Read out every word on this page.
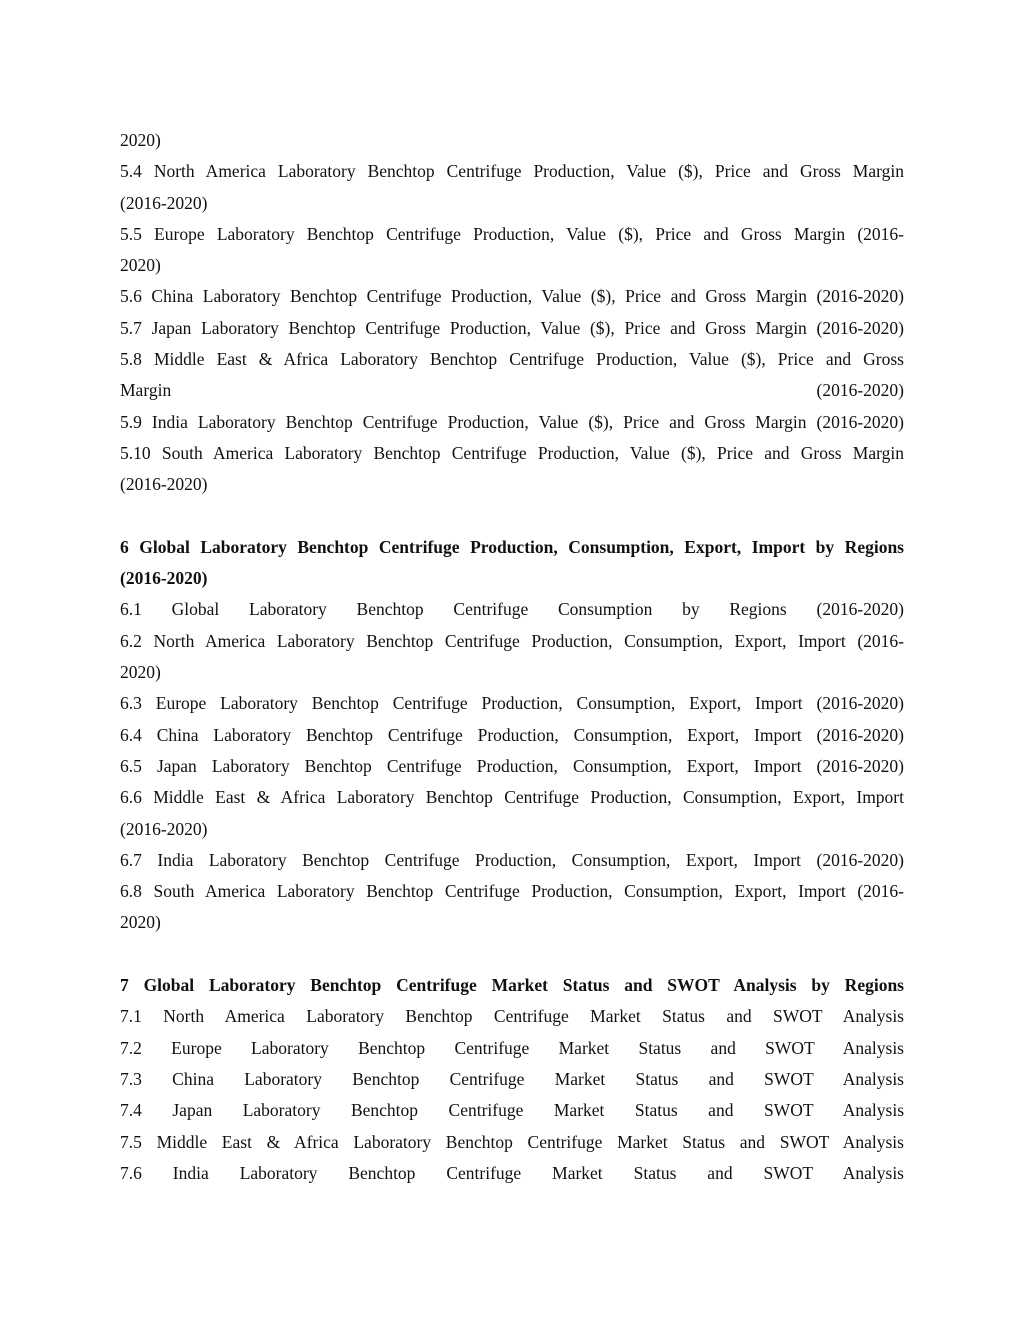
2020)

5.4 North America Laboratory Benchtop Centrifuge Production, Value ($), Price and Gross Margin

(2016-2020)

5.5 Europe Laboratory Benchtop Centrifuge Production, Value ($), Price and Gross Margin (2016-

2020)

5.6 China Laboratory Benchtop Centrifuge Production, Value ($), Price and Gross Margin (2016-2020)

5.7 Japan Laboratory Benchtop Centrifuge Production, Value ($), Price and Gross Margin (2016-2020)

5.8 Middle East & Africa Laboratory Benchtop Centrifuge Production, Value ($), Price and Gross

Margin (2016-2020)

5.9 India Laboratory Benchtop Centrifuge Production, Value ($), Price and Gross Margin (2016-2020)

5.10 South America Laboratory Benchtop Centrifuge Production, Value ($), Price and Gross Margin

(2016-2020)

6 Global Laboratory Benchtop Centrifuge Production, Consumption, Export, Import by Regions

(2016-2020)

6.1 Global Laboratory Benchtop Centrifuge Consumption by Regions (2016-2020)

6.2 North America Laboratory Benchtop Centrifuge Production, Consumption, Export, Import (2016-

2020)

6.3 Europe Laboratory Benchtop Centrifuge Production, Consumption, Export, Import (2016-2020)

6.4 China Laboratory Benchtop Centrifuge Production, Consumption, Export, Import (2016-2020)

6.5 Japan Laboratory Benchtop Centrifuge Production, Consumption, Export, Import (2016-2020)

6.6 Middle East & Africa Laboratory Benchtop Centrifuge Production, Consumption, Export, Import

(2016-2020)

6.7 India Laboratory Benchtop Centrifuge Production, Consumption, Export, Import (2016-2020)

6.8 South America Laboratory Benchtop Centrifuge Production, Consumption, Export, Import (2016-

2020)

7 Global Laboratory Benchtop Centrifuge Market Status and SWOT Analysis by Regions

7.1 North America Laboratory Benchtop Centrifuge Market Status and SWOT Analysis

7.2 Europe Laboratory Benchtop Centrifuge Market Status and SWOT Analysis

7.3 China Laboratory Benchtop Centrifuge Market Status and SWOT Analysis

7.4 Japan Laboratory Benchtop Centrifuge Market Status and SWOT Analysis

7.5 Middle East & Africa Laboratory Benchtop Centrifuge Market Status and SWOT Analysis

7.6 India Laboratory Benchtop Centrifuge Market Status and SWOT Analysis
